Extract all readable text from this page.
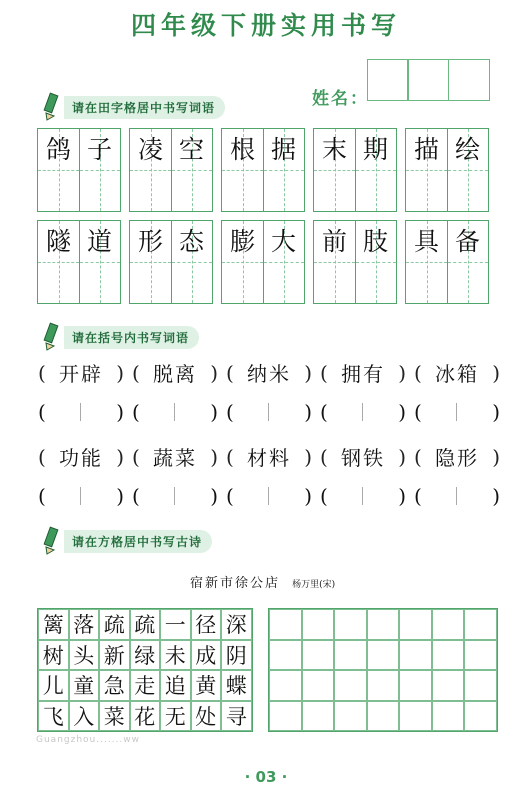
四年级下册实用书写
姓名：
请在田字格居中书写词语
鸽 子	凌 空	根 据	末 期	描 绘
隧 道	形 态	膨 大	前 肢	具 备
请在括号内书写词语
( 开辟 ) ( 脱离 ) ( 纳米 ) ( 拥有 ) ( 冰箱 )
(	) (	) (	) (	) (	)
( 功能 ) ( 蔬菜 ) ( 材料 ) ( 钢铁 ) ( 隐形 )
(	) (	) (	) (	) (	)
请在方格居中书写古诗
宿新市徐公店 杨万里(宋)
篱 落 疏 疏 一 径 深
树 头 新 绿 未 成 阴
儿 童 急 走 追 黄 蝶
飞 入 菜 花 无 处 寻
Guangzhou.......ww
· 03 ·
